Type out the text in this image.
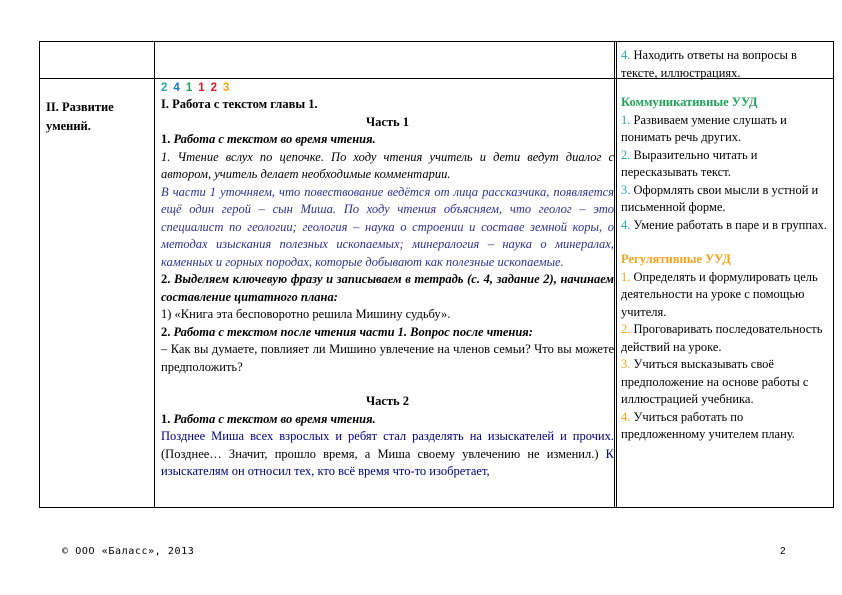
II. Развитие
умений.
2 4 1 1 2 3
I. Работа с текстом главы 1.
Часть 1
1. Работа с текстом во время чтения.
1. Чтение вслух по цепочке. По ходу чтения учитель и дети ведут диалог с автором, учитель делает необходимые комментарии.
В части 1 уточняем, что повествование ведётся от лица рассказчика, появляется ещё один герой – сын Миша. По ходу чтения объясняем, что геолог – это специалист по геологии; геология – наука о строении и составе земной коры, о методах изыскания полезных ископаемых; минералогия – наука о минералах, каменных и горных породах, которые добывают как полезные ископаемые.
2. Выделяем ключевую фразу и записываем в тетрадь (с. 4, задание 2), начинаем составление цитатного плана:
1) «Книга эта бесповоротно решила Мишину судьбу».
2. Работа с текстом после чтения части 1. Вопрос после чтения:
– Как вы думаете, повлияет ли Мишино увлечение на членов семьи? Что вы можете предположить?
Часть 2
1. Работа с текстом во время чтения.
Позднее Миша всех взрослых и ребят стал разделять на изыскателей и прочих. (Позднее… Значит, прошло время, а Миша своему увлечению не изменил.) К изыскателям он относил тех, кто всё время что-то изобретает,
4. Находить ответы на вопросы в тексте, иллюстрациях.
Коммуникативные УУД
1. Развиваем умение слушать и понимать речь других.
2. Выразительно читать и пересказывать текст.
3. Оформлять свои мысли в устной и письменной форме.
4. Умение работать в паре и в группах.
Регулятивные УУД
1. Определять и формулировать цель деятельности на уроке с помощью учителя.
2. Проговаривать последовательность действий на уроке.
3. Учиться высказывать своё предположение на основе работы с иллюстрацией учебника.
4. Учиться работать по предложенному учителем плану.
© ООО «Баласс», 2013	2
